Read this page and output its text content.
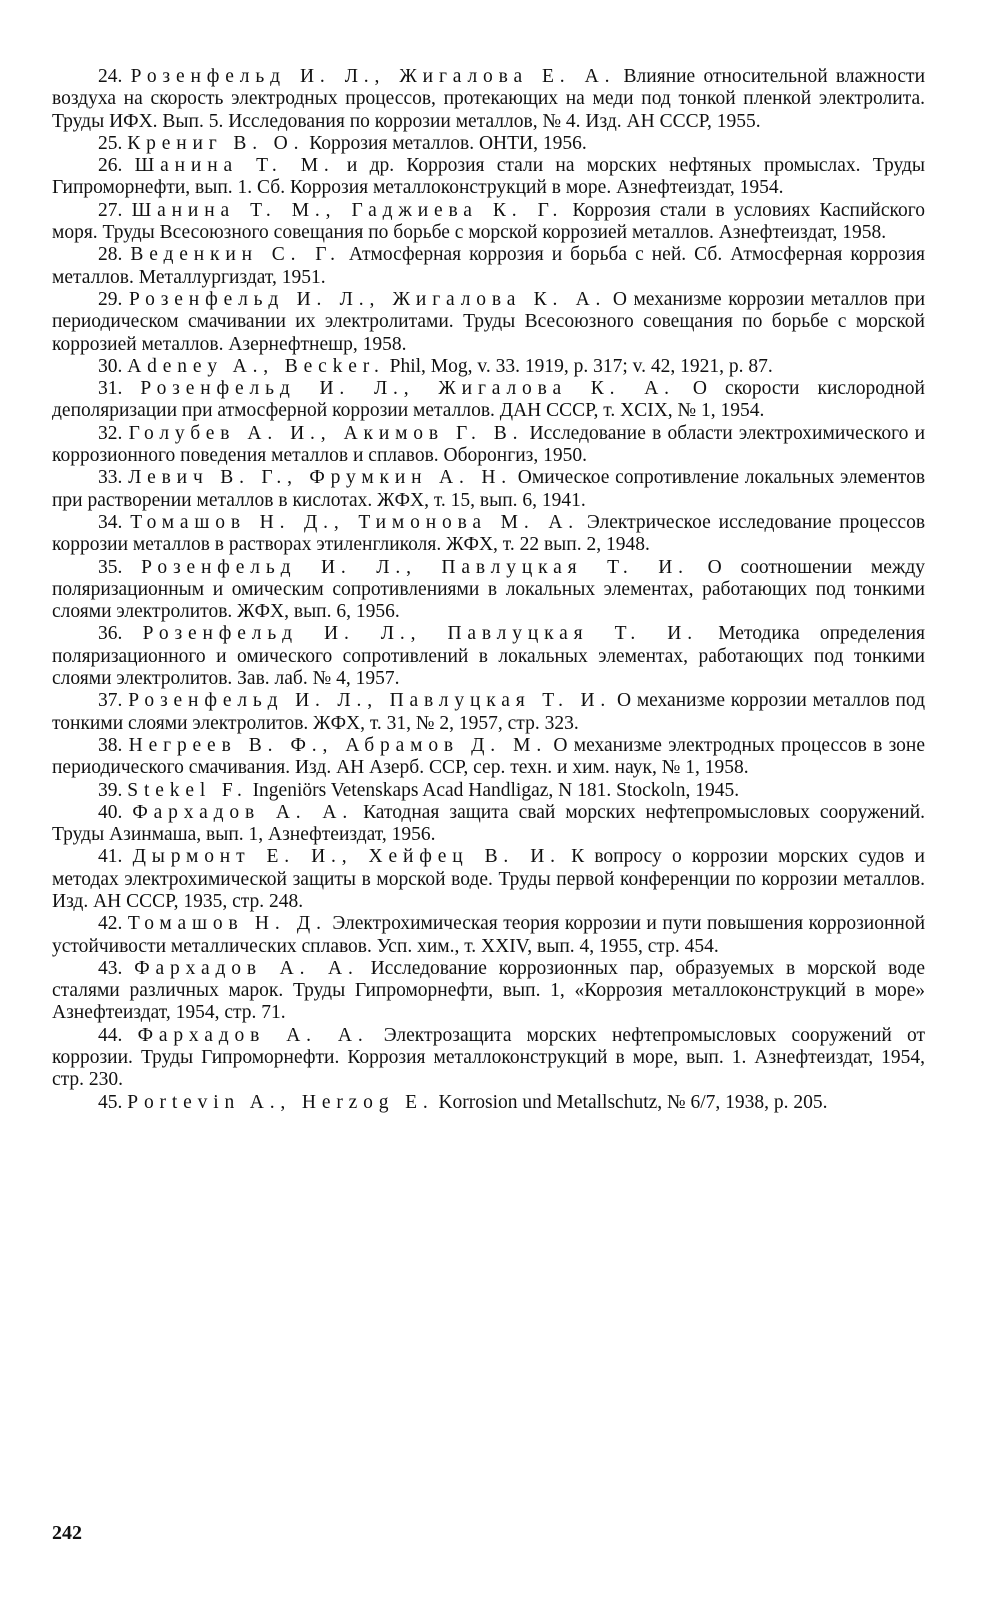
24. Розенфельд И. Л., Жигалова Е. А. Влияние относительной влажности воздуха на скорость электродных процессов, протекающих на меди под тонкой пленкой электролита. Труды ИФХ. Вып. 5. Исследования по коррозии металлов, № 4. Изд. АН СССР, 1955.

25. Крениг В. О. Коррозия металлов. ОНТИ, 1956.

26. Шанина Т. М. и др. Коррозия стали на морских нефтяных промыслах. Труды Гипроморнефти, вып. 1. Сб. Коррозия металлоконструкций в море. Азнефтеиздат, 1954.

27. Шанина Т. М., Гаджиева К. Г. Коррозия стали в условиях Каспийского моря. Труды Всесоюзного совещания по борьбе с морской коррозией металлов. Азнефтеиздат, 1958.

28. Веденкин С. Г. Атмосферная коррозия и борьба с ней. Сб. Атмосферная коррозия металлов. Металлургиздат, 1951.

29. Розенфельд И. Л., Жигалова К. А. О механизме коррозии металлов при периодическом смачивании их электролитами. Труды Всесоюзного совещания по борьбе с морской коррозией металлов. Азернефтнешр, 1958.

30. Adeney A., Becker. Phil, Mog, v. 33. 1919, p. 317; v. 42, 1921, p. 87.

31. Розенфельд И. Л., Жигалова К. А. О скорости кислородной деполяризации при атмосферной коррозии металлов. ДАН СССР, т. XCIX, № 1, 1954.

32. Голубев А. И., Акимов Г. В. Исследование в области электрохимического и коррозионного поведения металлов и сплавов. Оборонгиз, 1950.

33. Левич В. Г., Фрумкин А. Н. Омическое сопротивление локальных элементов при растворении металлов в кислотах. ЖФХ, т. 15, вып. 6, 1941.

34. Томашов Н. Д., Тимонова М. А. Электрическое исследование процессов коррозии металлов в растворах этиленгликоля. ЖФХ, т. 22 вып. 2, 1948.

35. Розенфельд И. Л., Павлуцкая Т. И. О соотношении между поляризационным и омическим сопротивлениями в локальных элементах, работающих под тонкими слоями электролитов. ЖФХ, вып. 6, 1956.

36. Розенфельд И. Л., Павлуцкая Т. И. Методика определения поляризационного и омического сопротивлений в локальных элементах, работающих под тонкими слоями электролитов. Зав. лаб. № 4, 1957.

37. Розенфельд И. Л., Павлуцкая Т. И. О механизме коррозии металлов под тонкими слоями электролитов. ЖФХ, т. 31, № 2, 1957, стр. 323.

38. Негреев В. Ф., Абрамов Д. М. О механизме электродных процессов в зоне периодического смачивания. Изд. АН Азерб. ССР, сер. техн. и хим. наук, № 1, 1958.

39. Stekel F. Ingeniörs Vetenskaps Acad Handligaz, N 181. Stockoln, 1945.

40. Фархадов А. А. Катодная защита свай морских нефтепромысловых сооружений. Труды Азинмаша, вып. 1, Азнефтеиздат, 1956.

41. Дырмонт Е. И., Хейфец В. И. К вопросу о коррозии морских судов и методах электрохимической защиты в морской воде. Труды первой конференции по коррозии металлов. Изд. АН СССР, 1935, стр. 248.

42. Томашов Н. Д. Электрохимическая теория коррозии и пути повышения коррозионной устойчивости металлических сплавов. Усп. хим., т. XXIV, вып. 4, 1955, стр. 454.

43. Фархадов А. А. Исследование коррозионных пар, образуемых в морской воде сталями различных марок. Труды Гипроморнефти, вып. 1, «Коррозия металлоконструкций в море» Азнефтеиздат, 1954, стр. 71.

44. Фархадов А. А. Электрозащита морских нефтепромысловых сооружений от коррозии. Труды Гипроморнефти. Коррозия металлоконструкций в море, вып. 1. Азнефтеиздат, 1954, стр. 230.

45. Portevin A., Herzog E. Korrosion und Metallschutz, № 6/7, 1938, p. 205.

242
